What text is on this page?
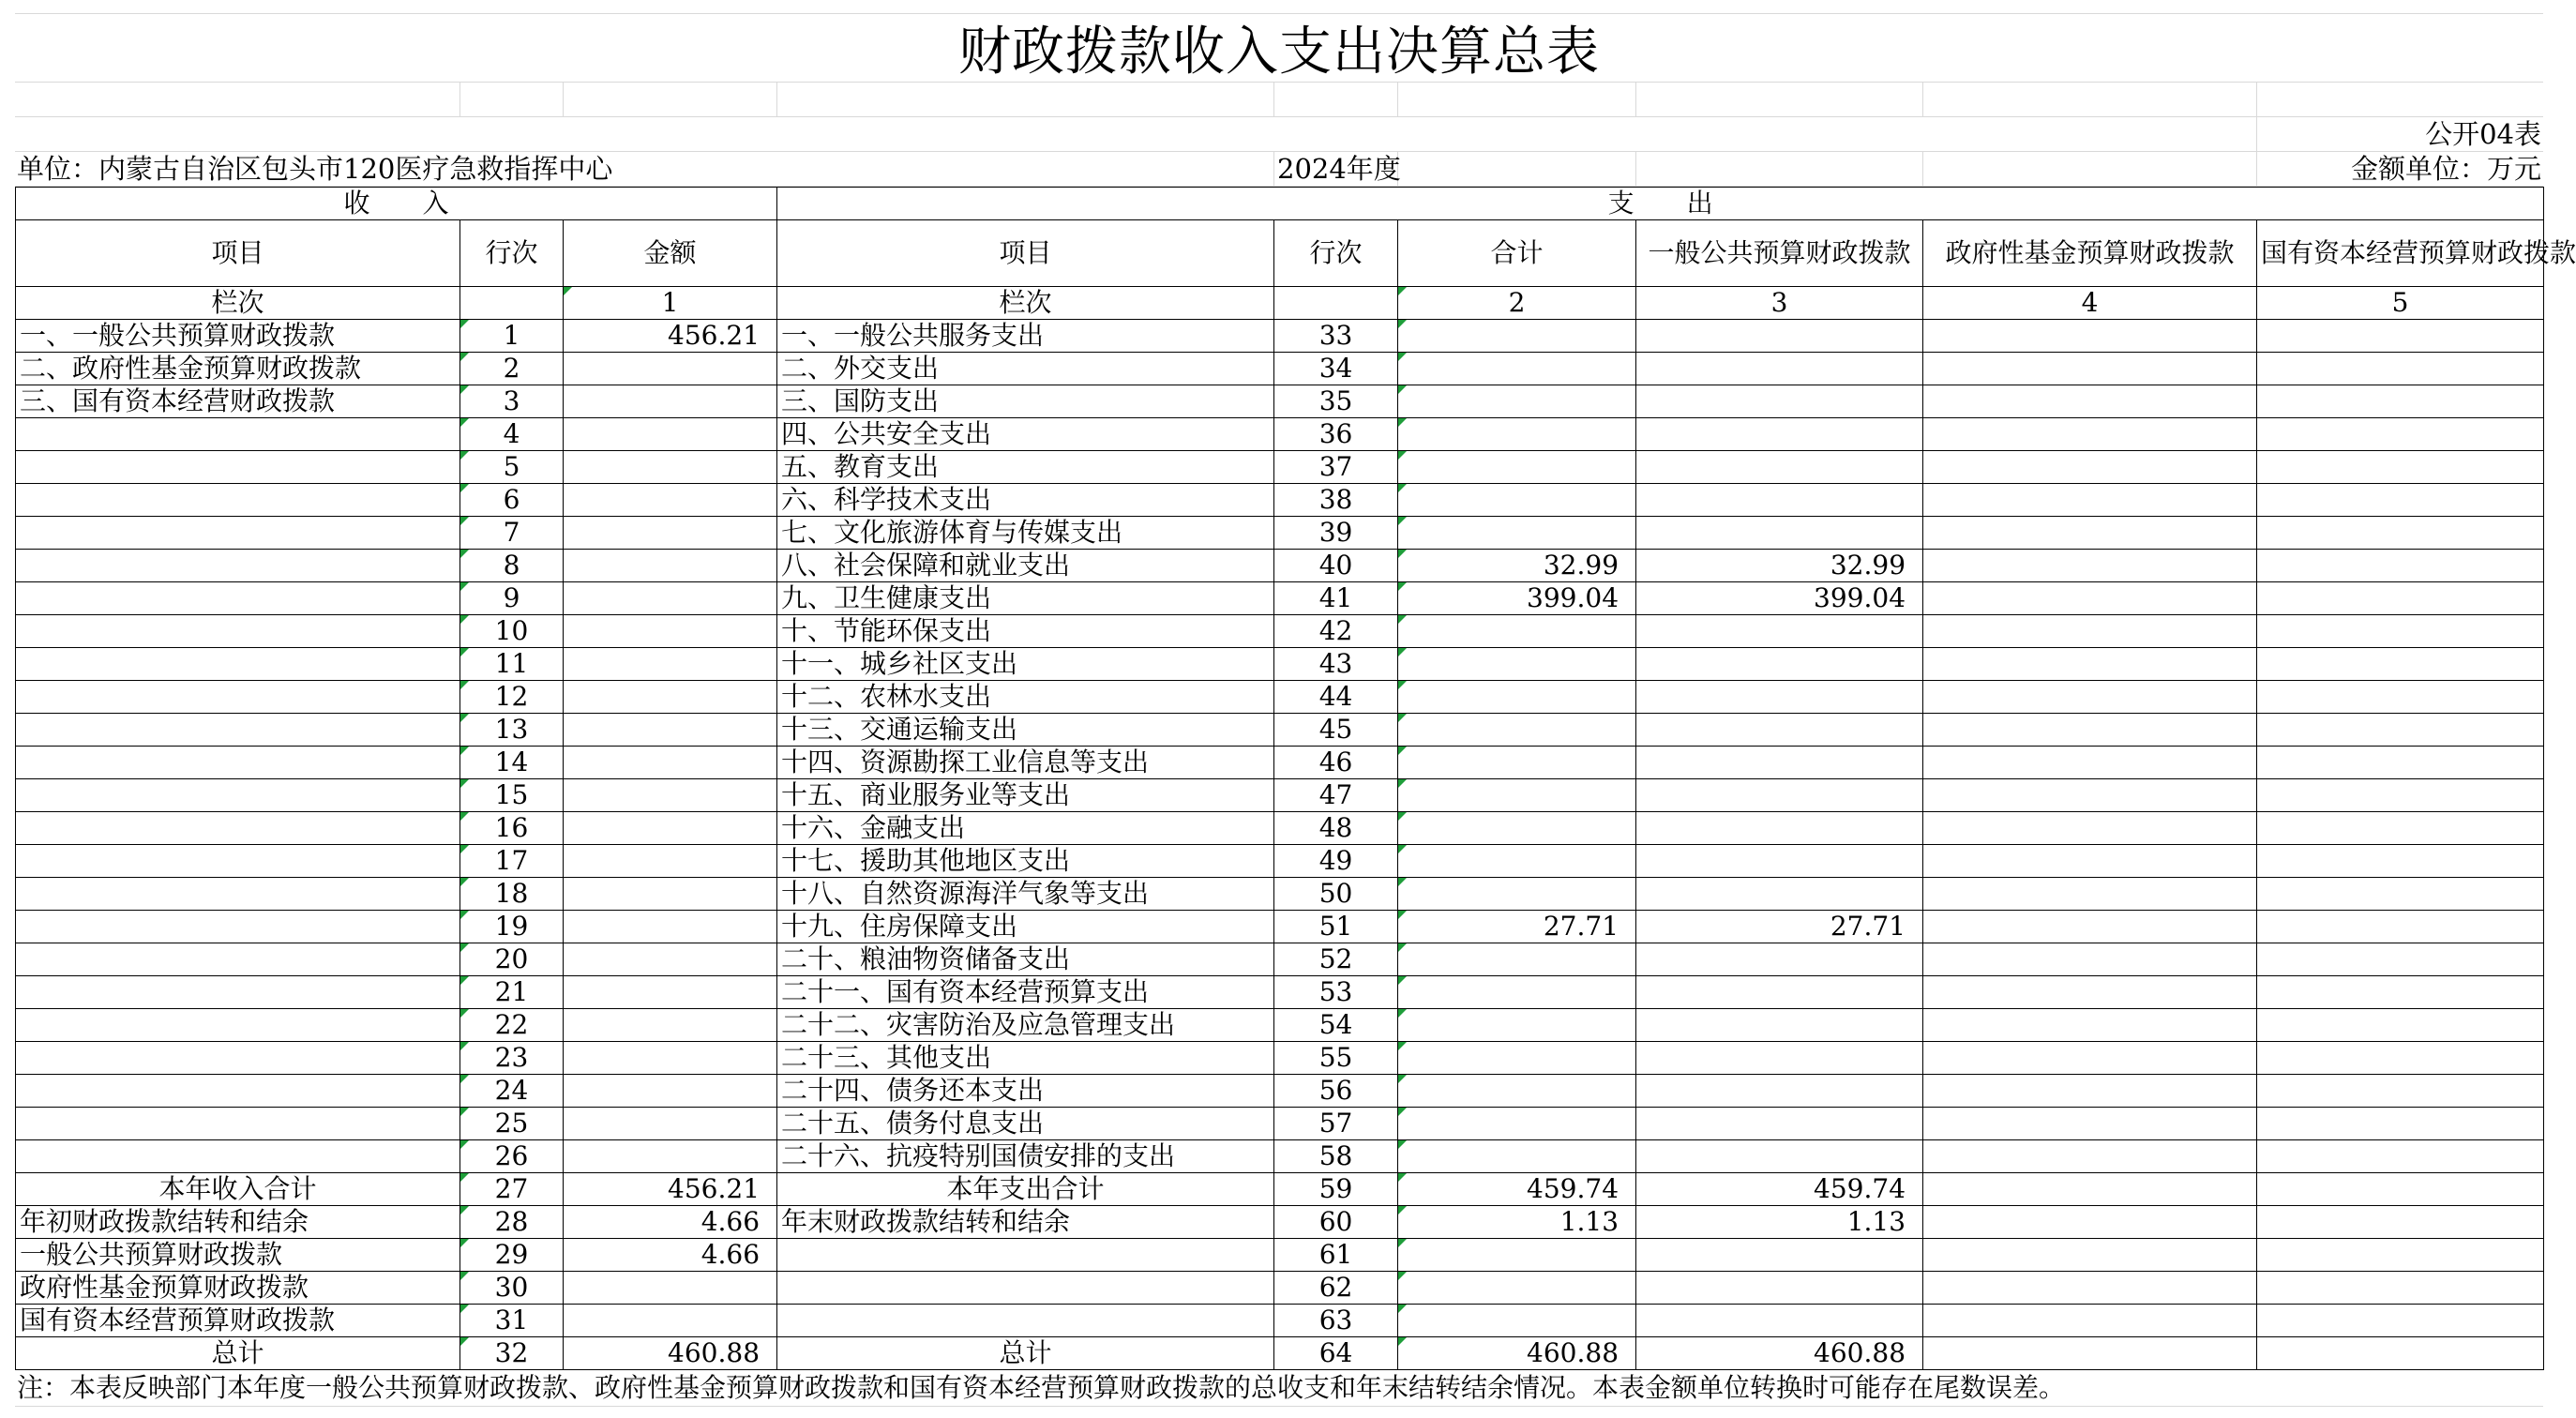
财政拨款收入支出决算总表
公开04表
单位：内蒙古自治区包头市120医疗急救指挥中心	2024年度	金额单位：万元
收　　入			支　　出					
项目	行次	金额	项目	行次	合计	一般公共预算财政拨款	政府性基金预算财政拨款	国有资本经营预算财政拨款
栏次		1	栏次		2	3	4	5
一、一般公共预算财政拨款	1	456.21	一、一般公共服务支出	33				
二、政府性基金预算财政拨款	2		二、外交支出	34				
三、国有资本经营财政拨款	3		三、国防支出	35				
	4		四、公共安全支出	36				
	5		五、教育支出	37				
	6		六、科学技术支出	38				
	7		七、文化旅游体育与传媒支出	39				
	8		八、社会保障和就业支出	40	32.99	32.99		
	9		九、卫生健康支出	41	399.04	399.04		
	10		十、节能环保支出	42				
	11		十一、城乡社区支出	43				
	12		十二、农林水支出	44				
	13		十三、交通运输支出	45				
	14		十四、资源勘探工业信息等支出	46				
	15		十五、商业服务业等支出	47				
	16		十六、金融支出	48				
	17		十七、援助其他地区支出	49				
	18		十八、自然资源海洋气象等支出	50				
	19		十九、住房保障支出	51	27.71	27.71		
	20		二十、粮油物资储备支出	52				
	21		二十一、国有资本经营预算支出	53				
	22		二十二、灾害防治及应急管理支出	54				
	23		二十三、其他支出	55				
	24		二十四、债务还本支出	56				
	25		二十五、债务付息支出	57				
	26		二十六、抗疫特别国债安排的支出	58				
本年收入合计	27	456.21	本年支出合计	59	459.74	459.74		
年初财政拨款结转和结余	28	4.66	年末财政拨款结转和结余	60	1.13	1.13		
一般公共预算财政拨款	29	4.66		61				
政府性基金预算财政拨款	30			62				
国有资本经营预算财政拨款	31			63				
总计	32	460.88	总计	64	460.88	460.88		
注：本表反映部门本年度一般公共预算财政拨款、政府性基金预算财政拨款和国有资本经营预算财政拨款的总收支和年末结转结余情况。本表金额单位转换时可能存在尾数误差。
